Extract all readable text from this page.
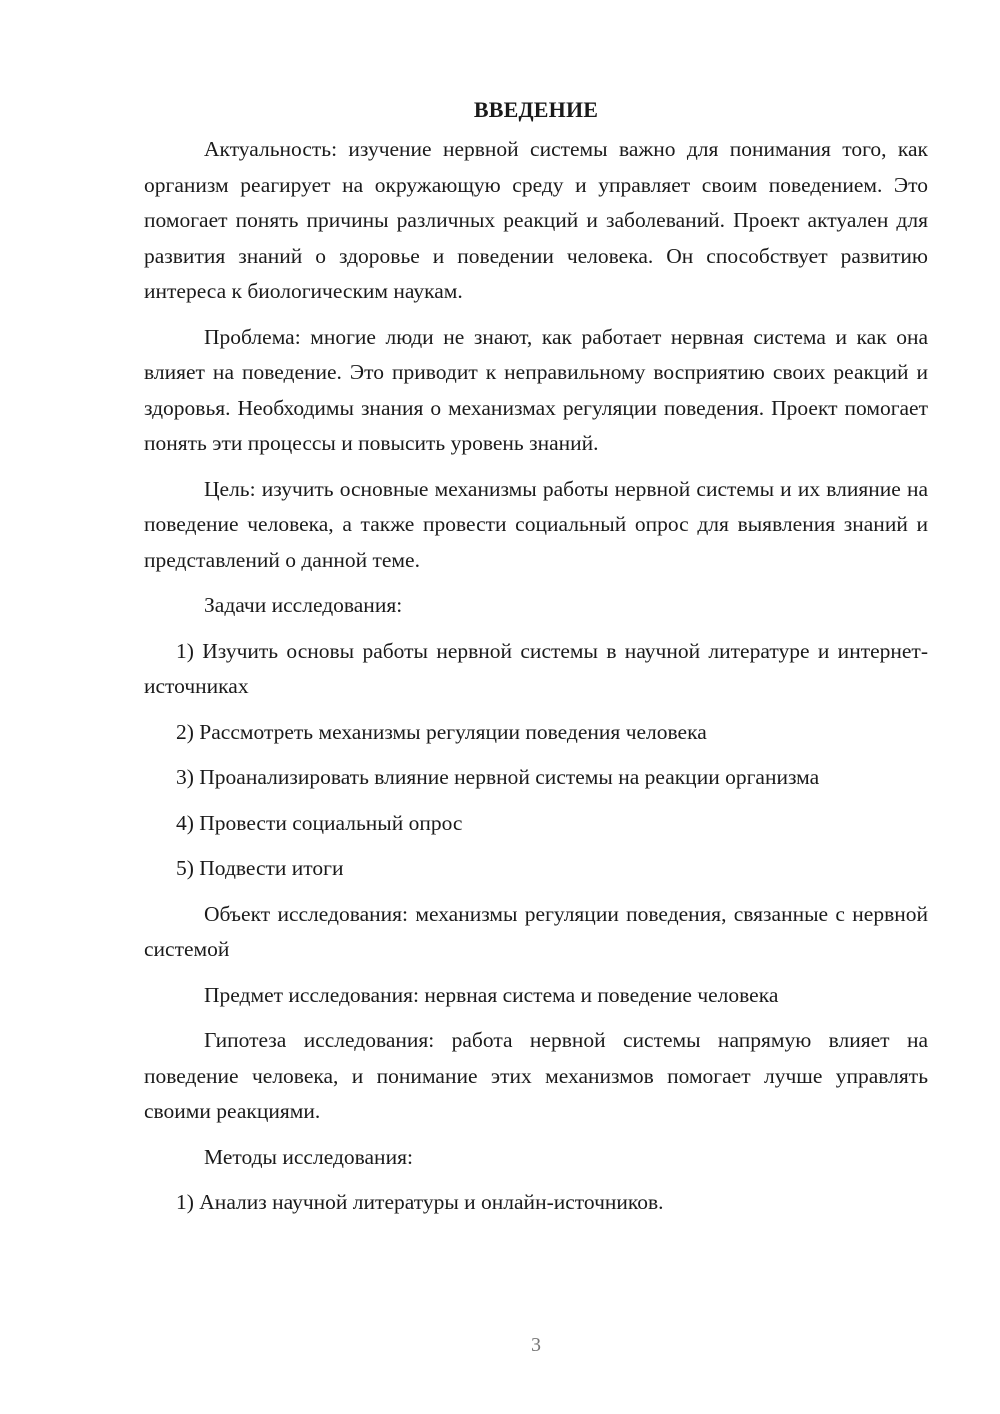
ВВЕДЕНИЕ

Актуальность: изучение нервной системы важно для понимания того, как организм реагирует на окружающую среду и управляет своим поведением. Это помогает понять причины различных реакций и заболеваний. Проект актуален для развития знаний о здоровье и поведении человека. Он способствует развитию интереса к биологическим наукам.

Проблема: многие люди не знают, как работает нервная система и как она влияет на поведение. Это приводит к неправильному восприятию своих реакций и здоровья. Необходимы знания о механизмах регуляции поведения. Проект помогает понять эти процессы и повысить уровень знаний.

Цель: изучить основные механизмы работы нервной системы и их влияние на поведение человека, а также провести социальный опрос для выявления знаний и представлений о данной теме.

Задачи исследования:

1) Изучить основы работы нервной системы в научной литературе и интернет-источниках

2) Рассмотреть механизмы регуляции поведения человека

3) Проанализировать влияние нервной системы на реакции организма

4) Провести социальный опрос

5) Подвести итоги

Объект исследования: механизмы регуляции поведения, связанные с нервной системой

Предмет исследования: нервная система и поведение человека

Гипотеза исследования: работа нервной системы напрямую влияет на поведение человека, и понимание этих механизмов помогает лучше управлять своими реакциями.

Методы исследования:

1) Анализ научной литературы и онлайн-источников.

3
